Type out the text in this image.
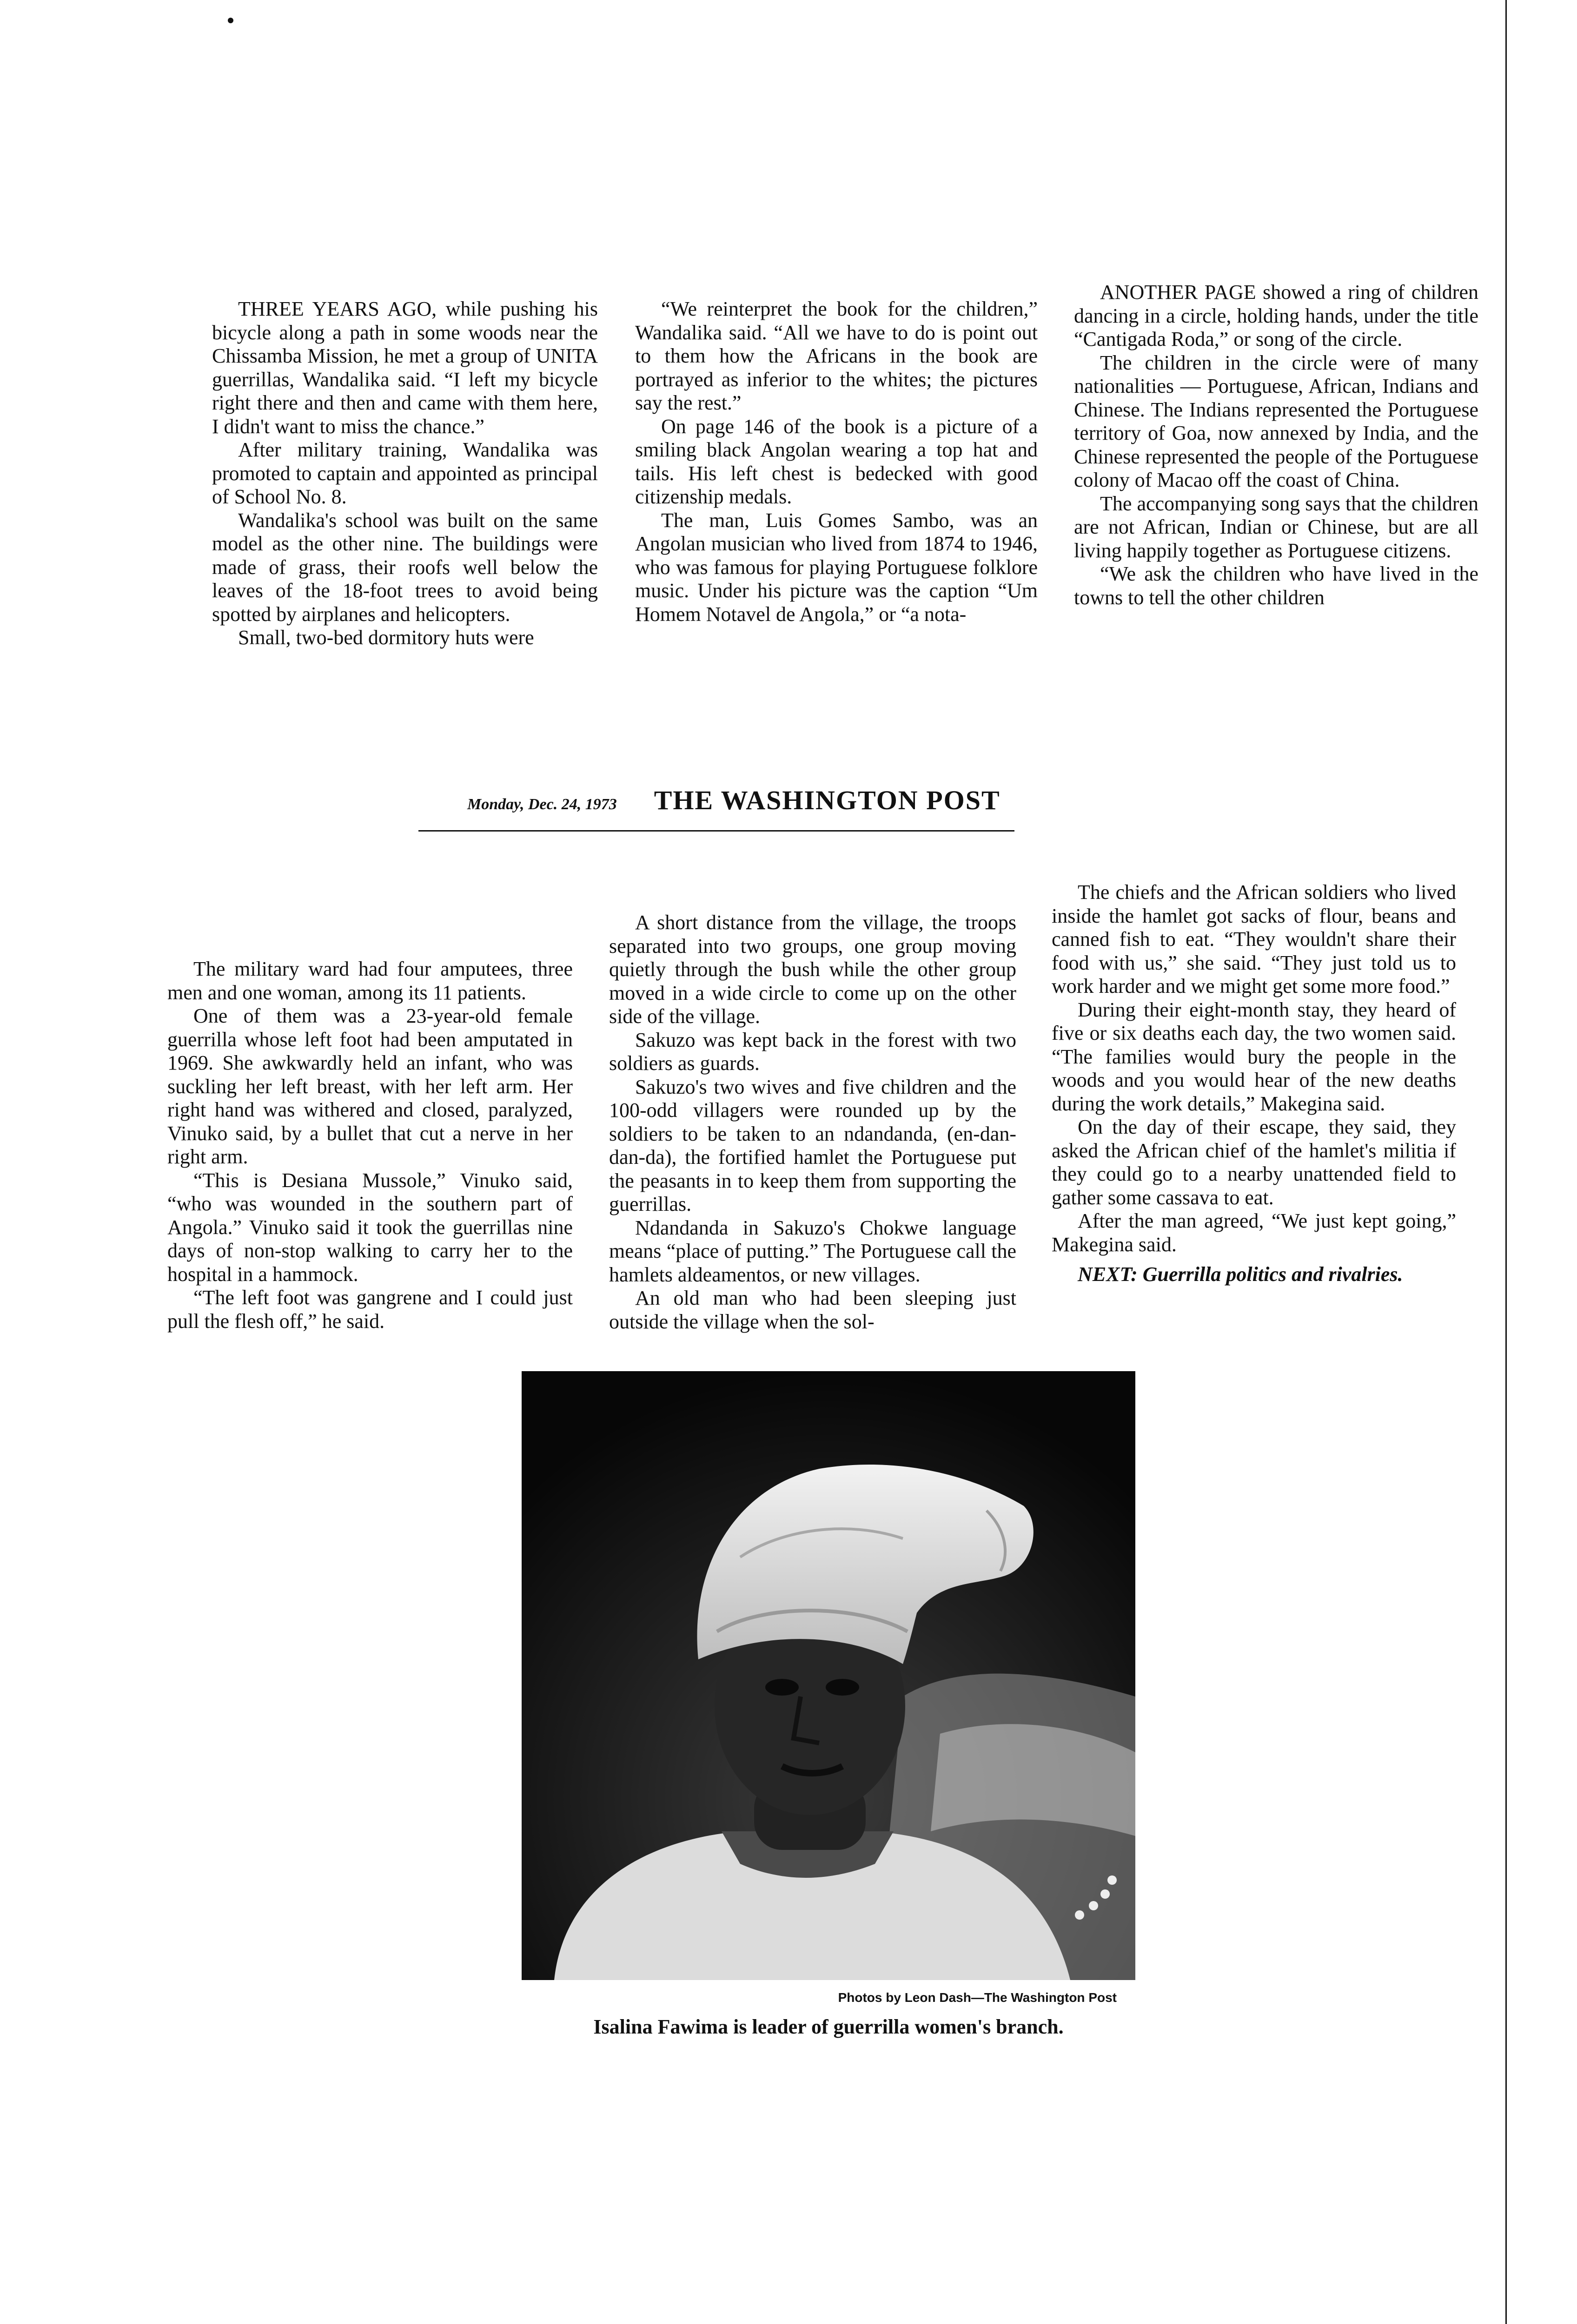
THREE YEARS AGO, while pushing his bicycle along a path in some woods near the Chissamba Mission, he met a group of UNITA guerrillas, Wandalika said. “I left my bicycle right there and then and came with them here, I didn't want to miss the chance.”

After military training, Wandalika was promoted to captain and appointed as principal of School No. 8.

Wandalika's school was built on the same model as the other nine. The buildings were made of grass, their roofs well below the leaves of the 18-foot trees to avoid being spotted by airplanes and helicopters.

Small, two-bed dormitory huts were

“We reinterpret the book for the children,” Wandalika said. “All we have to do is point out to them how the Africans in the book are portrayed as inferior to the whites; the pictures say the rest.”

On page 146 of the book is a picture of a smiling black Angolan wearing a top hat and tails. His left chest is bedecked with good citizenship medals.

The man, Luis Gomes Sambo, was an Angolan musician who lived from 1874 to 1946, who was famous for playing Portuguese folklore music. Under his picture was the caption “Um Homem Notavel de Angola,” or “a nota-

ANOTHER PAGE showed a ring of children dancing in a circle, holding hands, under the title “Cantigada Roda,” or song of the circle.

The children in the circle were of many nationalities — Portuguese, African, Indians and Chinese. The Indians represented the Portuguese territory of Goa, now annexed by India, and the Chinese represented the people of the Portuguese colony of Macao off the coast of China.

The accompanying song says that the children are not African, Indian or Chinese, but are all living happily together as Portuguese citizens.

“We ask the children who have lived in the towns to tell the other children

Monday, Dec. 24, 1973 THE WASHINGTON POST

The military ward had four amputees, three men and one woman, among its 11 patients.

One of them was a 23-year-old female guerrilla whose left foot had been amputated in 1969. She awkwardly held an infant, who was suckling her left breast, with her left arm. Her right hand was withered and closed, paralyzed, Vinuko said, by a bullet that cut a nerve in her right arm.

“This is Desiana Mussole,” Vinuko said, “who was wounded in the southern part of Angola.” Vinuko said it took the guerrillas nine days of non-stop walking to carry her to the hospital in a hammock.

“The left foot was gangrene and I could just pull the flesh off,” he said.

A short distance from the village, the troops separated into two groups, one group moving quietly through the bush while the other group moved in a wide circle to come up on the other side of the village.

Sakuzo was kept back in the forest with two soldiers as guards.

Sakuzo's two wives and five children and the 100-odd villagers were rounded up by the soldiers to be taken to an ndandanda, (en-dan-dan-da), the fortified hamlet the Portuguese put the peasants in to keep them from supporting the guerrillas.

Ndandanda in Sakuzo's Chokwe language means “place of putting.” The Portuguese call the hamlets aldeamentos, or new villages.

An old man who had been sleeping just outside the village when the sol-

The chiefs and the African soldiers who lived inside the hamlet got sacks of flour, beans and canned fish to eat. “They wouldn't share their food with us,” she said. “They just told us to work harder and we might get some more food.”

During their eight-month stay, they heard of five or six deaths each day, the two women said. “The families would bury the people in the woods and you would hear of the new deaths during the work details,” Makegina said.

On the day of their escape, they said, they asked the African chief of the hamlet's militia if they could go to a nearby unattended field to gather some cassava to eat.

After the man agreed, “We just kept going,” Makegina said.

NEXT: Guerrilla politics and rivalries.

Photos by Leon Dash—The Washington Post
Isalina Fawima is leader of guerrilla women's branch.
